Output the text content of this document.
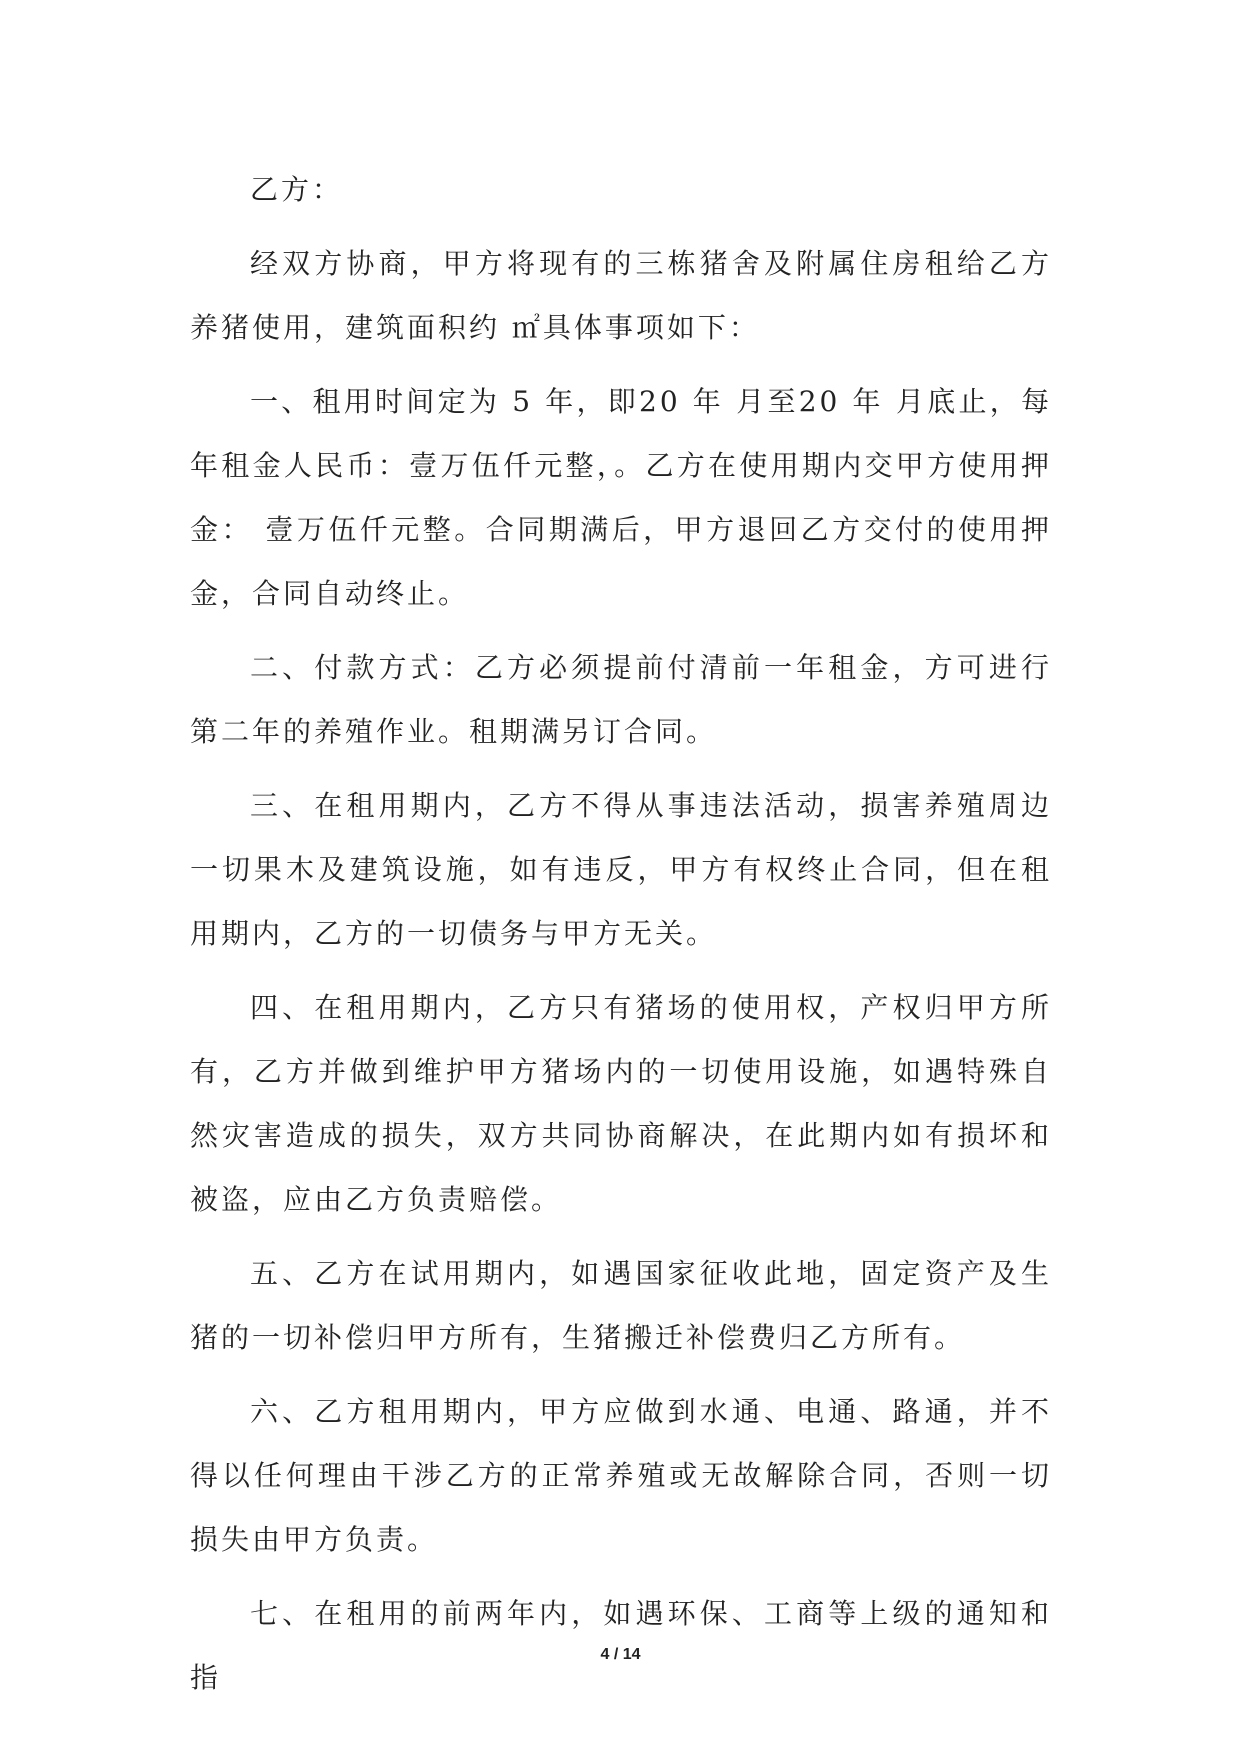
乙方：

经双方协商，甲方将现有的三栋猪舍及附属住房租给乙方养猪使用，建筑面积约 ㎡具体事项如下：

一、租用时间定为 5 年，即20 年 月至20 年 月底止，每年租金人民币：壹万伍仟元整，。乙方在使用期内交甲方使用押金： 壹万伍仟元整。合同期满后，甲方退回乙方交付的使用押金，合同自动终止。

二、付款方式：乙方必须提前付清前一年租金，方可进行第二年的养殖作业。租期满另订合同。

三、在租用期内，乙方不得从事违法活动，损害养殖周边一切果木及建筑设施，如有违反，甲方有权终止合同，但在租用期内，乙方的一切债务与甲方无关。

四、在租用期内，乙方只有猪场的使用权，产权归甲方所有，乙方并做到维护甲方猪场内的一切使用设施，如遇特殊自然灾害造成的损失，双方共同协商解决，在此期内如有损坏和被盗，应由乙方负责赔偿。

五、乙方在试用期内，如遇国家征收此地，固定资产及生猪的一切补偿归甲方所有，生猪搬迁补偿费归乙方所有。

六、乙方租用期内，甲方应做到水通、电通、路通，并不得以任何理由干涉乙方的正常养殖或无故解除合同，否则一切损失由甲方负责。

七、在租用的前两年内，如遇环保、工商等上级的通知和指

4 / 14
